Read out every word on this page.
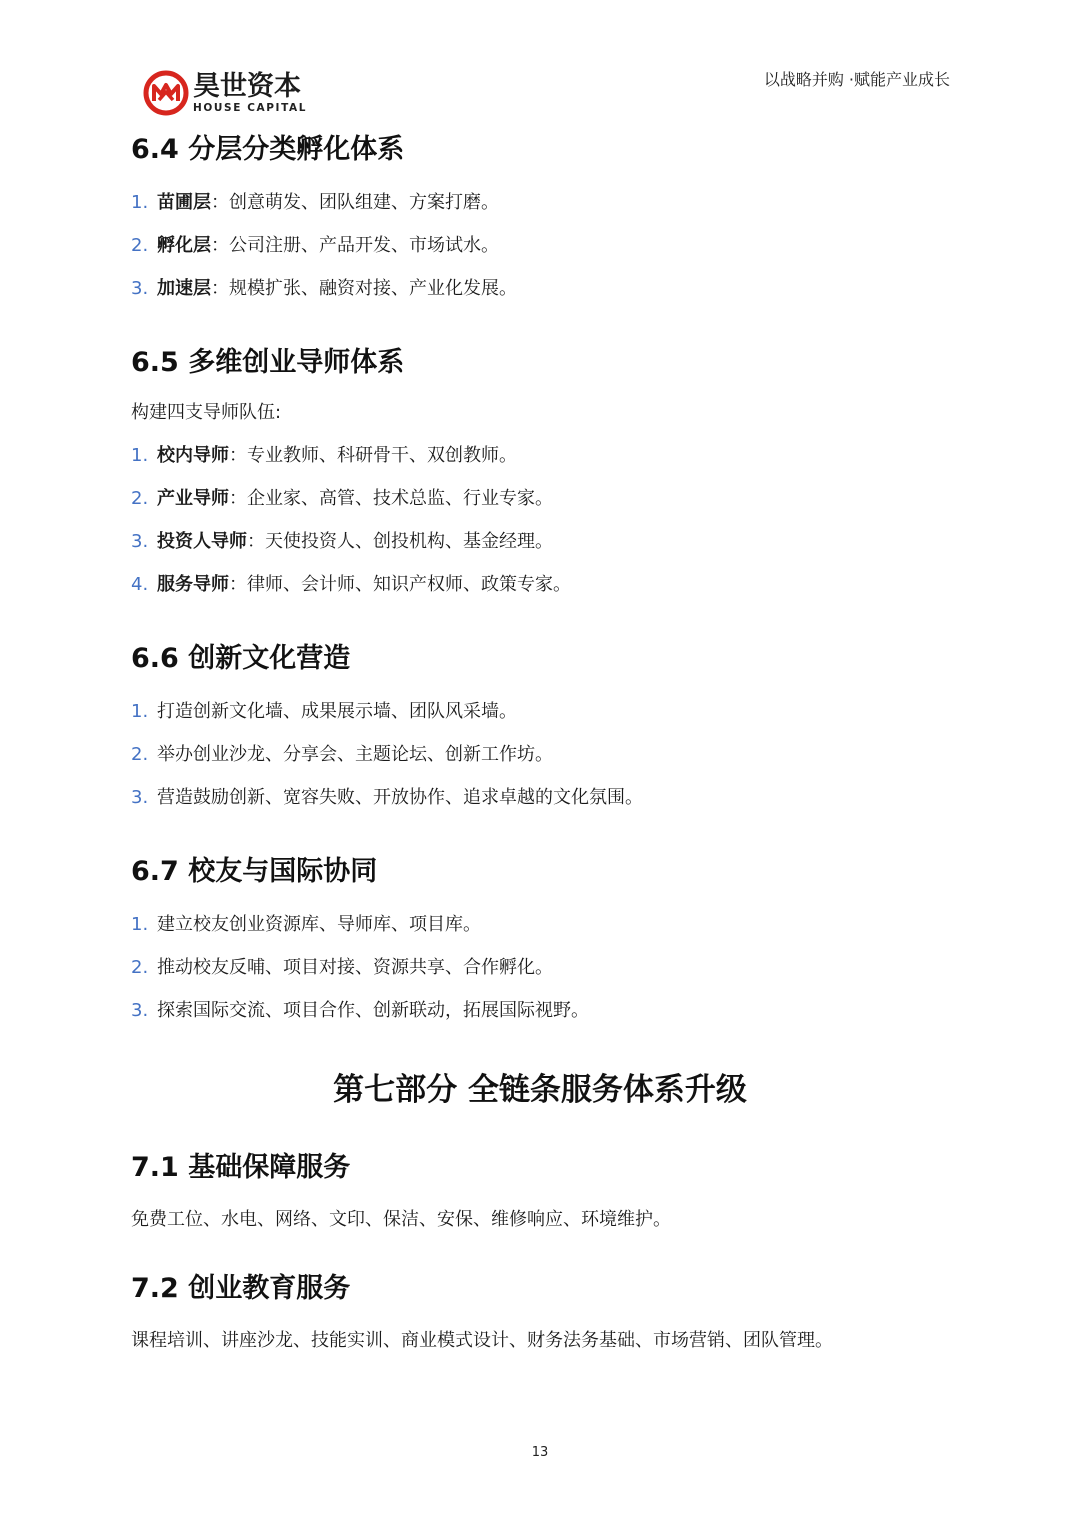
昊世资本
HOUSE CAPITAL
以战略并购 ·赋能产业成长
6.4 分层分类孵化体系
1. 苗圃层：创意萌发、团队组建、方案打磨。
2. 孵化层：公司注册、产品开发、市场试水。
3. 加速层：规模扩张、融资对接、产业化发展。
6.5 多维创业导师体系

构建四支导师队伍:

1. 校内导师：专业教师、科研骨干、双创教师。
2. 产业导师：企业家、高管、技术总监、行业专家。
3. 投资人导师：天使投资人、创投机构、基金经理。
4. 服务导师：律师、会计师、知识产权师、政策专家。
6.6 创新文化营造
1. 打造创新文化墙、成果展示墙、团队风采墙。
2. 举办创业沙龙、分享会、主题论坛、创新工作坊。
3. 营造鼓励创新、宽容失败、开放协作、追求卓越的文化氛围。
6.7 校友与国际协同
1. 建立校友创业资源库、导师库、项目库。
2. 推动校友反哺、项目对接、资源共享、合作孵化。
3. 探索国际交流、项目合作、创新联动，拓展国际视野。
第七部分 全链条服务体系升级
7.1 基础保障服务

免费工位、水电、网络、文印、保洁、安保、维修响应、环境维护。

7.2 创业教育服务

课程培训、讲座沙龙、技能实训、商业模式设计、财务法务基础、市场营销、团队管理。

13
